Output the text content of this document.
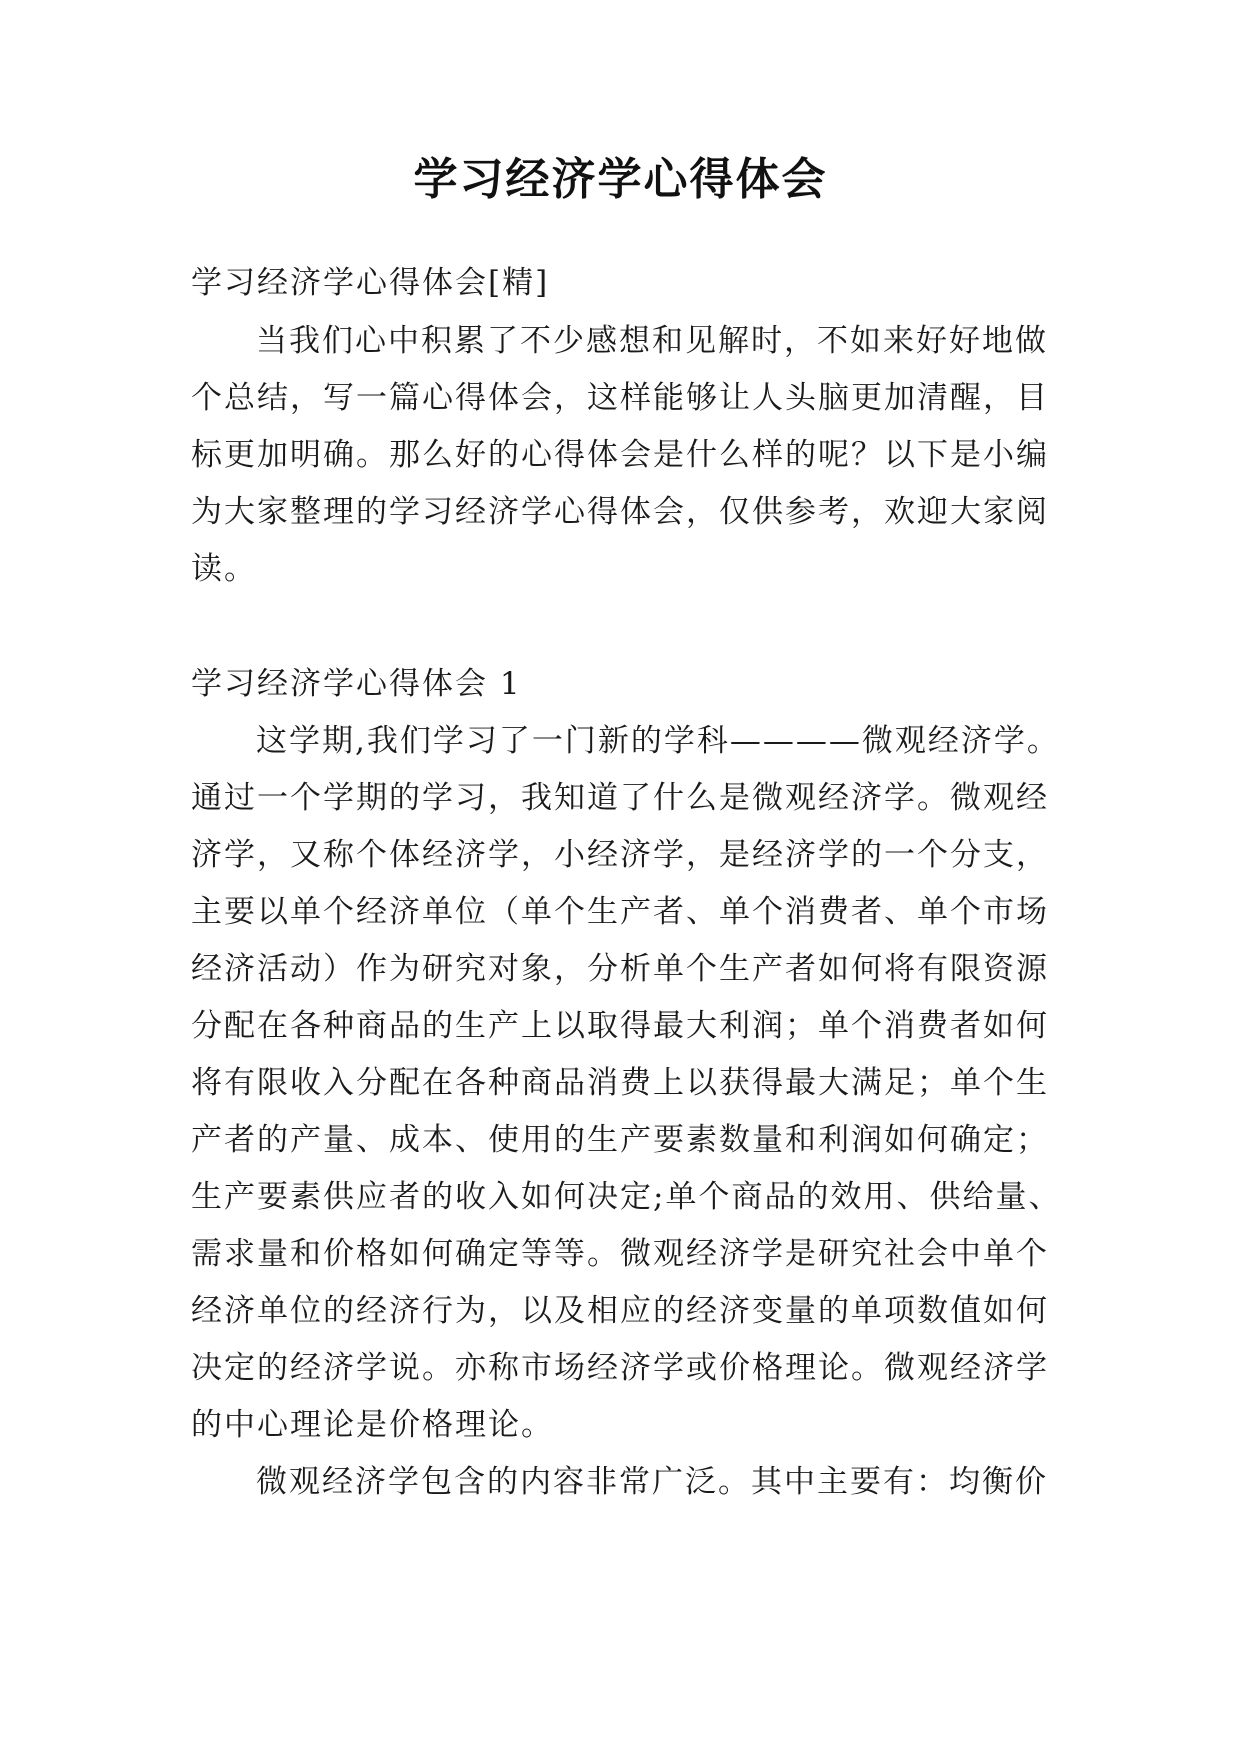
学习经济学心得体会

学习经济学心得体会[精]

当我们心中积累了不少感想和见解时，不如来好好地做

个总结，写一篇心得体会，这样能够让人头脑更加清醒，目

标更加明确。那么好的心得体会是什么样的呢？以下是小编

为大家整理的学习经济学心得体会，仅供参考，欢迎大家阅

读。

学习经济学心得体会 1

这学期,我们学习了一门新的学科————微观经济学。

通过一个学期的学习，我知道了什么是微观经济学。微观经

济学，又称个体经济学，小经济学，是经济学的一个分支，

主要以单个经济单位（单个生产者、单个消费者、单个市场

经济活动）作为研究对象，分析单个生产者如何将有限资源

分配在各种商品的生产上以取得最大利润；单个消费者如何

将有限收入分配在各种商品消费上以获得最大满足；单个生

产者的产量、成本、使用的生产要素数量和利润如何确定；

生产要素供应者的收入如何决定;单个商品的效用、供给量、

需求量和价格如何确定等等。微观经济学是研究社会中单个

经济单位的经济行为，以及相应的经济变量的单项数值如何

决定的经济学说。亦称市场经济学或价格理论。微观经济学

的中心理论是价格理论。

微观经济学包含的内容非常广泛。其中主要有：均衡价
